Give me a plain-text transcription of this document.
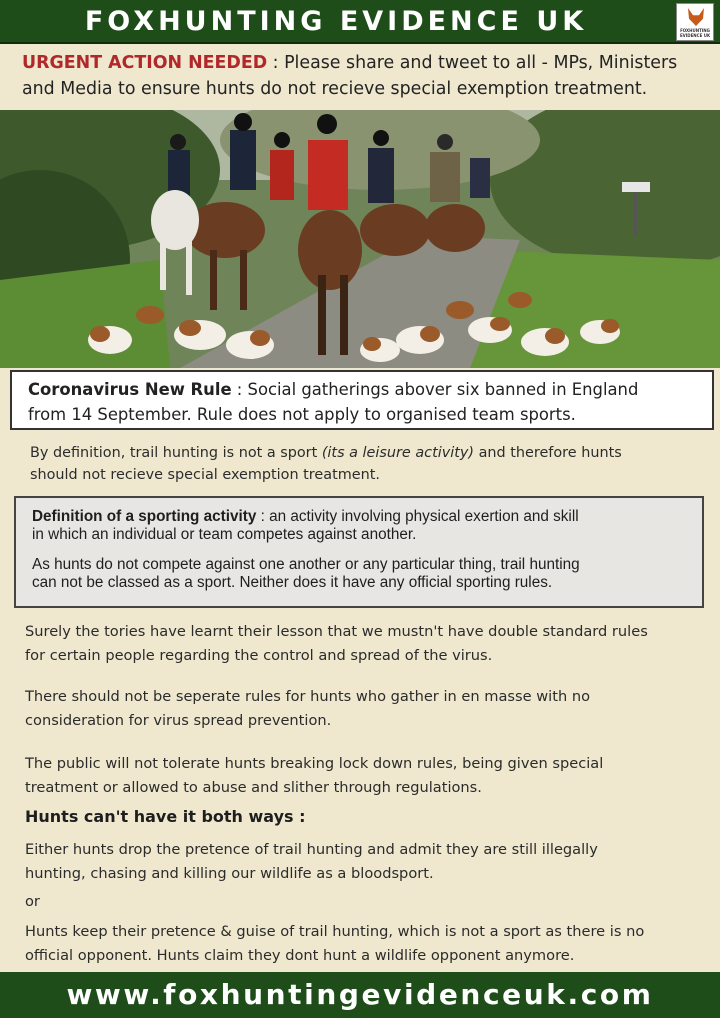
FOXHUNTING EVIDENCE UK	FOXHUNTING EVIDENCE UK
URGENT ACTION NEEDED : Please share and tweet to all - MPs, Ministers
and Media to ensure hunts do not recieve special exemption treatment.
Coronavirus New Rule : Social gatherings abover six banned in England
from 14 September. Rule does not apply to organised team sports.
By definition, trail hunting is not a sport (its a leisure activity) and therefore hunts
should not recieve special exemption treatment.
Definition of a sporting activity : an activity involving physical exertion and skill
in which an individual or team competes against another.
As hunts do not compete against one another or any particular thing, trail hunting
can not be classed as a sport. Neither does it have any official sporting rules.
Surely the tories have learnt their lesson that we mustn't have double standard rules
for certain people regarding the control and spread of the virus.
There should not be seperate rules for hunts who gather in en masse with no
consideration for virus spread prevention.
The public will not tolerate hunts breaking lock down rules, being given special
treatment or allowed to abuse and slither through regulations.
Hunts can't have it both ways :
Either hunts drop the pretence of trail hunting and admit they are still illegally
hunting, chasing and killing our wildlife as a bloodsport.
or
Hunts keep their pretence & guise of trail hunting, which is not a sport as there is no
official opponent. Hunts claim they dont hunt a wildlife opponent anymore.
www.foxhuntingevidenceuk.com
